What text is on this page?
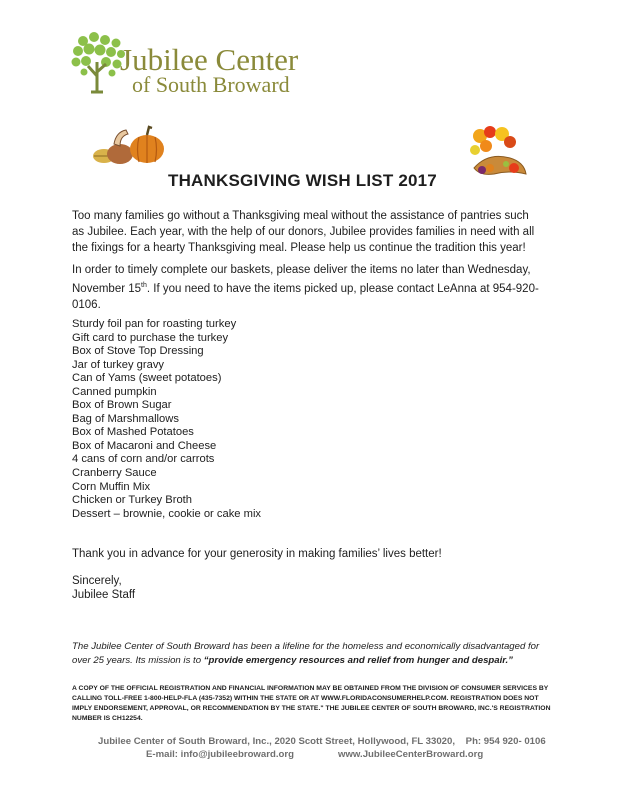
Jubilee Center
of South Broward
THANKSGIVING WISH LIST 2017
Too many families go without a Thanksgiving meal without the assistance of pantries such as Jubilee. Each year, with the help of our donors, Jubilee provides families in need with all the fixings for a hearty Thanksgiving meal. Please help us continue the tradition this year!
In order to timely complete our baskets, please deliver the items no later than Wednesday, November 15th. If you need to have the items picked up, please contact LeAnna at 954-920-0106.
Sturdy foil pan for roasting turkey
Gift card to purchase the turkey
Box of Stove Top Dressing
Jar of turkey gravy
Can of Yams (sweet potatoes)
Canned pumpkin
Box of Brown Sugar
Bag of Marshmallows
Box of Mashed Potatoes
Box of Macaroni and Cheese
4 cans of corn and/or carrots
Cranberry Sauce
Corn Muffin Mix
Chicken or Turkey Broth
Dessert – brownie, cookie or cake mix
Thank you in advance for your generosity in making families’ lives better!
Sincerely,
Jubilee Staff
The Jubilee Center of South Broward has been a lifeline for the homeless and economically disadvantaged for over 25 years. Its mission is to “provide emergency resources and relief from hunger and despair.”
A COPY OF THE OFFICIAL REGISTRATION AND FINANCIAL INFORMATION MAY BE OBTAINED FROM THE DIVISION OF CONSUMER SERVICES BY CALLING TOLL-FREE 1-800-HELP-FLA (435-7352) WITHIN THE STATE OR AT WWW.FLORIDACONSUMERHELP.COM. REGISTRATION DOES NOT IMPLY ENDORSEMENT, APPROVAL, OR RECOMMENDATION BY THE STATE." THE JUBILEE CENTER OF SOUTH BROWARD, INC.'S REGISTRATION NUMBER IS CH12254.
Jubilee Center of South Broward, Inc., 2020 Scott Street, Hollywood, FL 33020,    Ph: 954 920- 0106
E-mail: info@jubileebroward.org	www.JubileeCenterBroward.org
